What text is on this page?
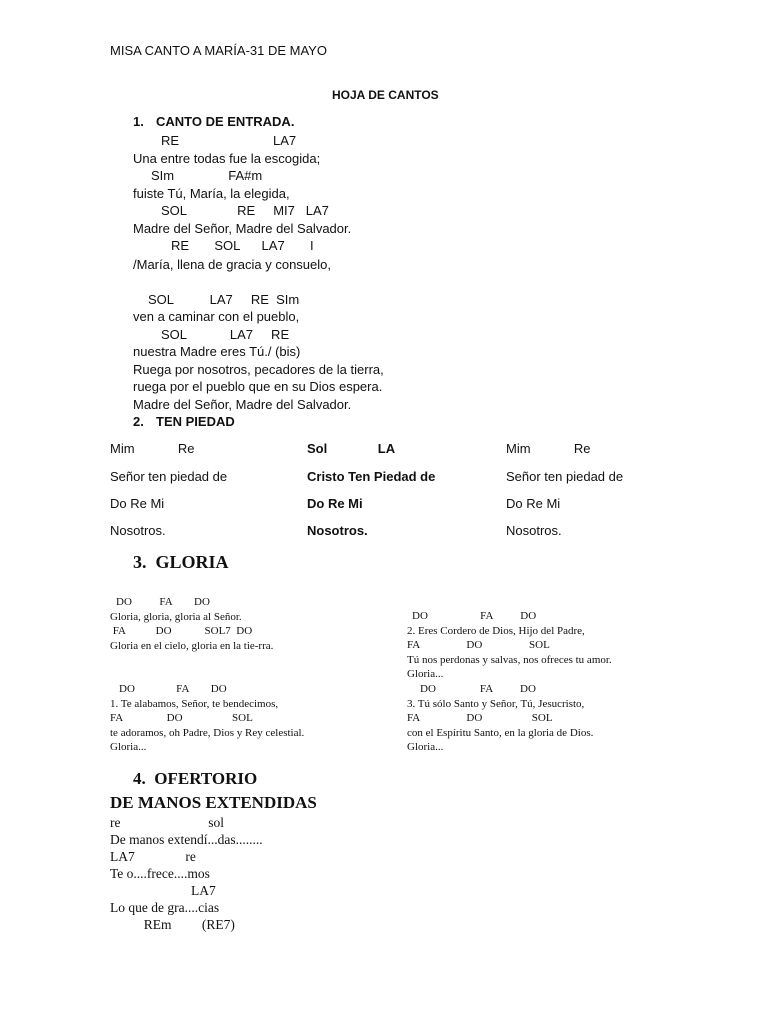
MISA CANTO A MARÍA-31 DE MAYO
HOJA DE CANTOS
1. CANTO DE ENTRADA.
RE                          LA7
Una entre todas fue la escogida;
SIm               FA#m
fuiste Tú, María, la elegida,
SOL              RE     MI7   LA7
Madre del Señor, Madre del Salvador.
RE       SOL      LA7       I
/María, llena de gracia y consuelo,
SOL          LA7     RE  SIm
ven a caminar con el pueblo,
SOL            LA7     RE
nuestra Madre eres Tú./ (bis)
Ruega por nosotros, pecadores de la tierra,
ruega por el pueblo que en su Dios espera.
Madre del Señor, Madre del Salvador.
2. TEN PIEDAD
Mim            Re
Señor ten piedad de
Do Re Mi
Nosotros.
Sol              LA
Cristo Ten Piedad de
Do Re Mi
Nosotros.
Mim            Re
Señor ten piedad de
Do Re Mi
Nosotros.
3.  GLORIA
DO          FA        DO
Gloria, gloria, gloria al Señor.
FA           DO            SOL7  DO
Gloria en el cielo, gloria en la tie-rra.
DO               FA        DO
1. Te alabamos, Señor, te bendecimos,
FA                DO                  SOL
te adoramos, oh Padre, Dios y Rey celestial.
Gloria...
DO                   FA          DO
2. Eres Cordero de Dios, Hijo del Padre,
FA                 DO                 SOL
Tú nos perdonas y salvas, nos ofreces tu amor.
Gloria...
DO                FA          DO
3. Tú sólo Santo y Señor, Tú, Jesucristo,
FA                 DO                  SOL
con el Espíritu Santo, en la gloria de Dios.
Gloria...
4.  OFERTORIO
DE MANOS EXTENDIDAS
re                          sol
De manos extendí...das........
LA7               re
Te o....frece....mos
LA7
Lo que de gra....cias
REm         (RE7)
